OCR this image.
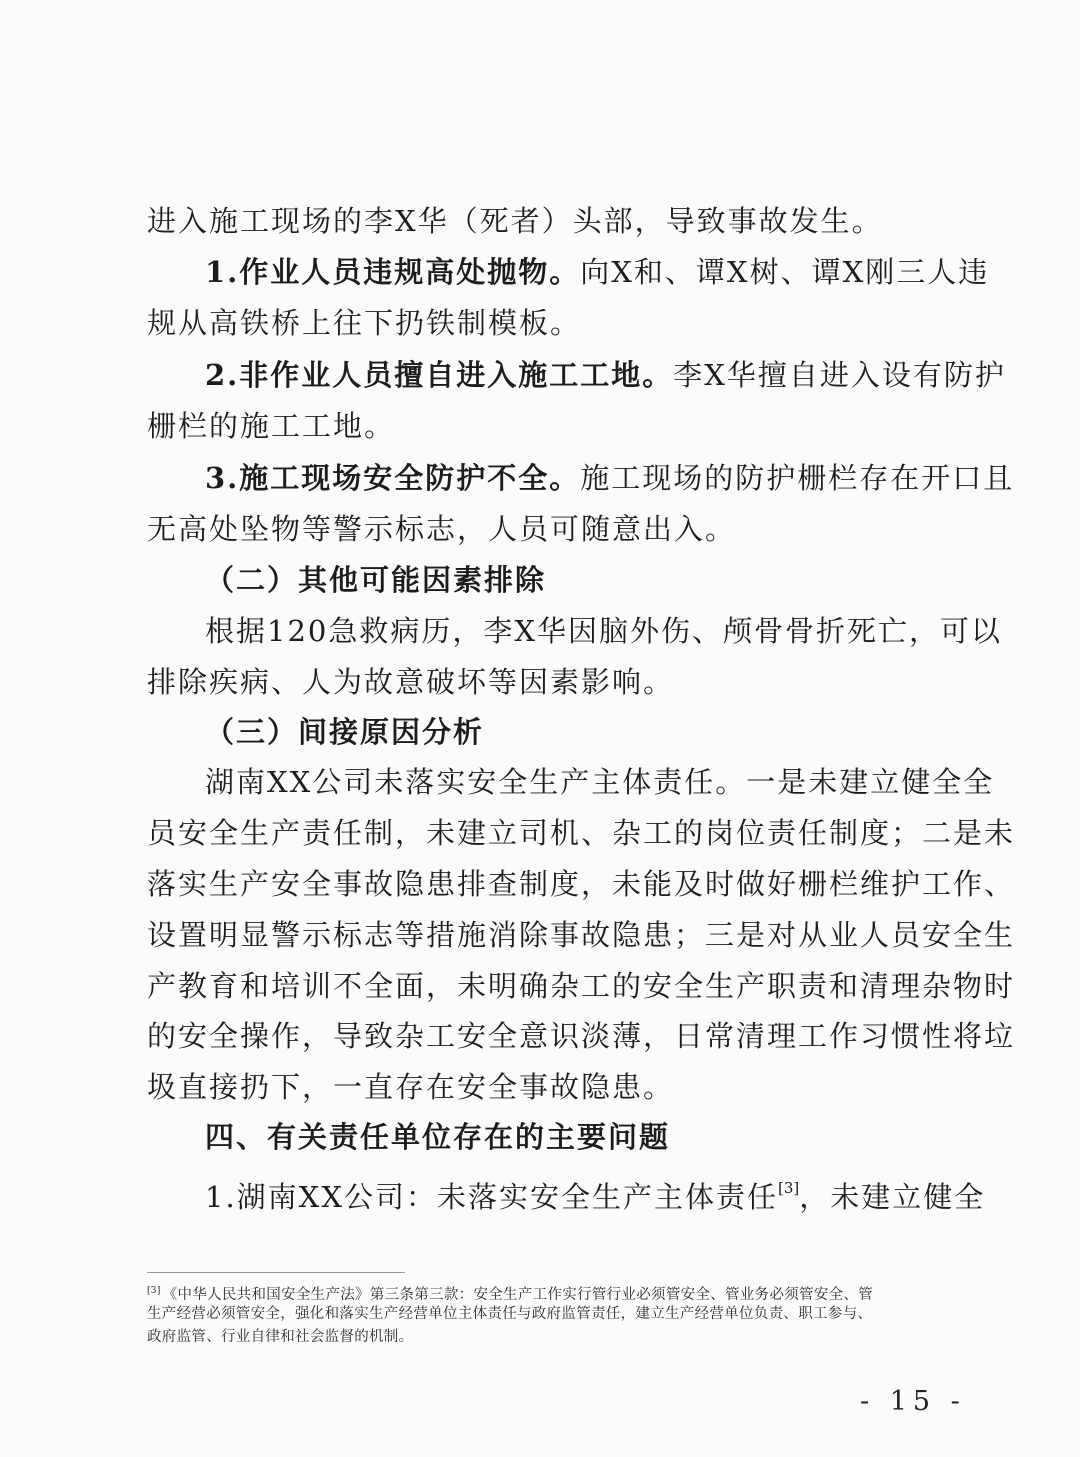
进入施工现场的李X华（死者）头部，导致事故发生。
1.作业人员违规高处抛物。向X和、谭X树、谭X刚三人违
规从高铁桥上往下扔铁制模板。
2.非作业人员擅自进入施工工地。李X华擅自进入设有防护
栅栏的施工工地。
3.施工现场安全防护不全。施工现场的防护栅栏存在开口且
无高处坠物等警示标志，人员可随意出入。
（二）其他可能因素排除
根据120急救病历，李X华因脑外伤、颅骨骨折死亡，可以
排除疾病、人为故意破坏等因素影响。
（三）间接原因分析
湖南XX公司未落实安全生产主体责任。一是未建立健全全
员安全生产责任制，未建立司机、杂工的岗位责任制度；二是未
落实生产安全事故隐患排查制度，未能及时做好栅栏维护工作、
设置明显警示标志等措施消除事故隐患；三是对从业人员安全生
产教育和培训不全面，未明确杂工的安全生产职责和清理杂物时
的安全操作，导致杂工安全意识淡薄，日常清理工作习惯性将垃
圾直接扔下，一直存在安全事故隐患。
四、有关责任单位存在的主要问题
1.湖南XX公司：未落实安全生产主体责任[3]，未建立健全
[3] 《中华人民共和国安全生产法》第三条第三款：安全生产工作实行管行业必须管安全、管业务必须管安全、管
生产经营必须管安全，强化和落实生产经营单位主体责任与政府监管责任，建立生产经营单位负责、职工参与、
政府监管、行业自律和社会监督的机制。
- 15 -
